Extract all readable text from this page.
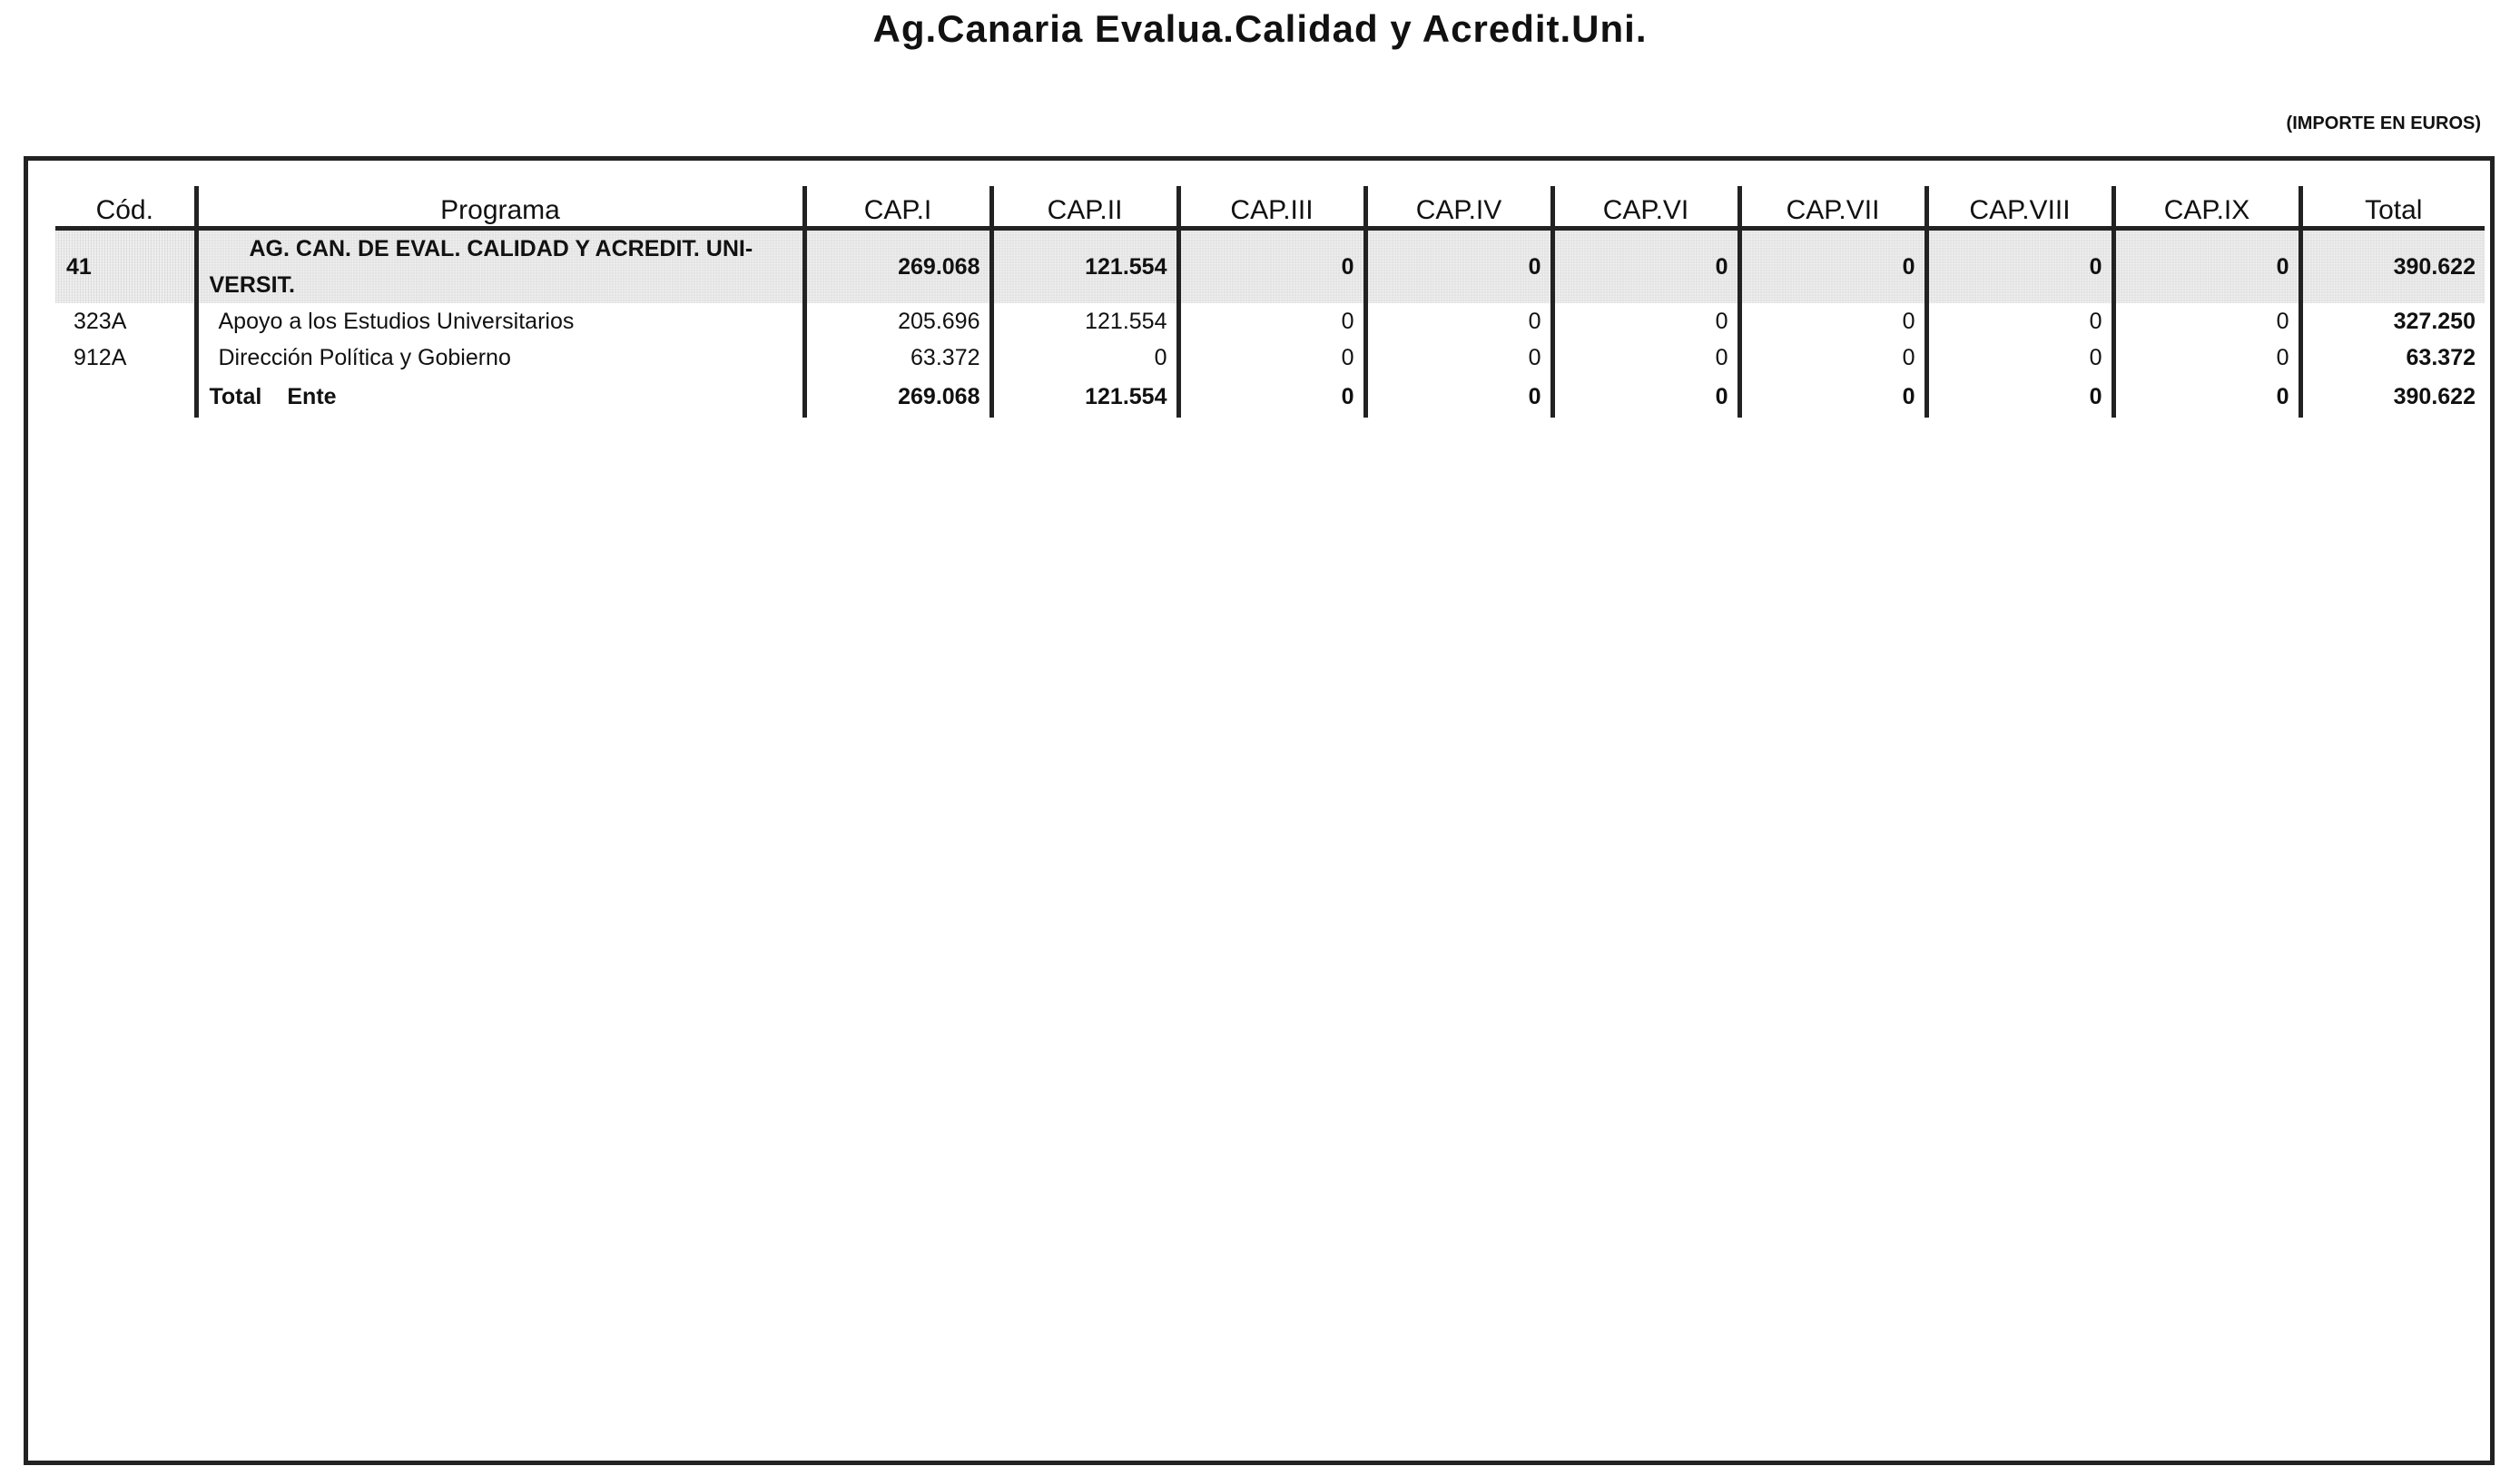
Ag.Canaria Evalua.Calidad y Acredit.Uni.
(IMPORTE EN EUROS)
Cód.	Programa	CAP.I	CAP.II	CAP.III	CAP.IV	CAP.VI	CAP.VII	CAP.VIII	CAP.IX	Total
41	AG. CAN. DE EVAL. CALIDAD Y ACREDIT. UNI-VERSIT.	269.068	121.554	0	0	0	0	0	0	390.622
323A	Apoyo a los Estudios Universitarios	205.696	121.554	0	0	0	0	0	0	327.250
912A	Dirección Política y Gobierno	63.372	0	0	0	0	0	0	0	63.372
	Total Ente	269.068	121.554	0	0	0	0	0	0	390.622
